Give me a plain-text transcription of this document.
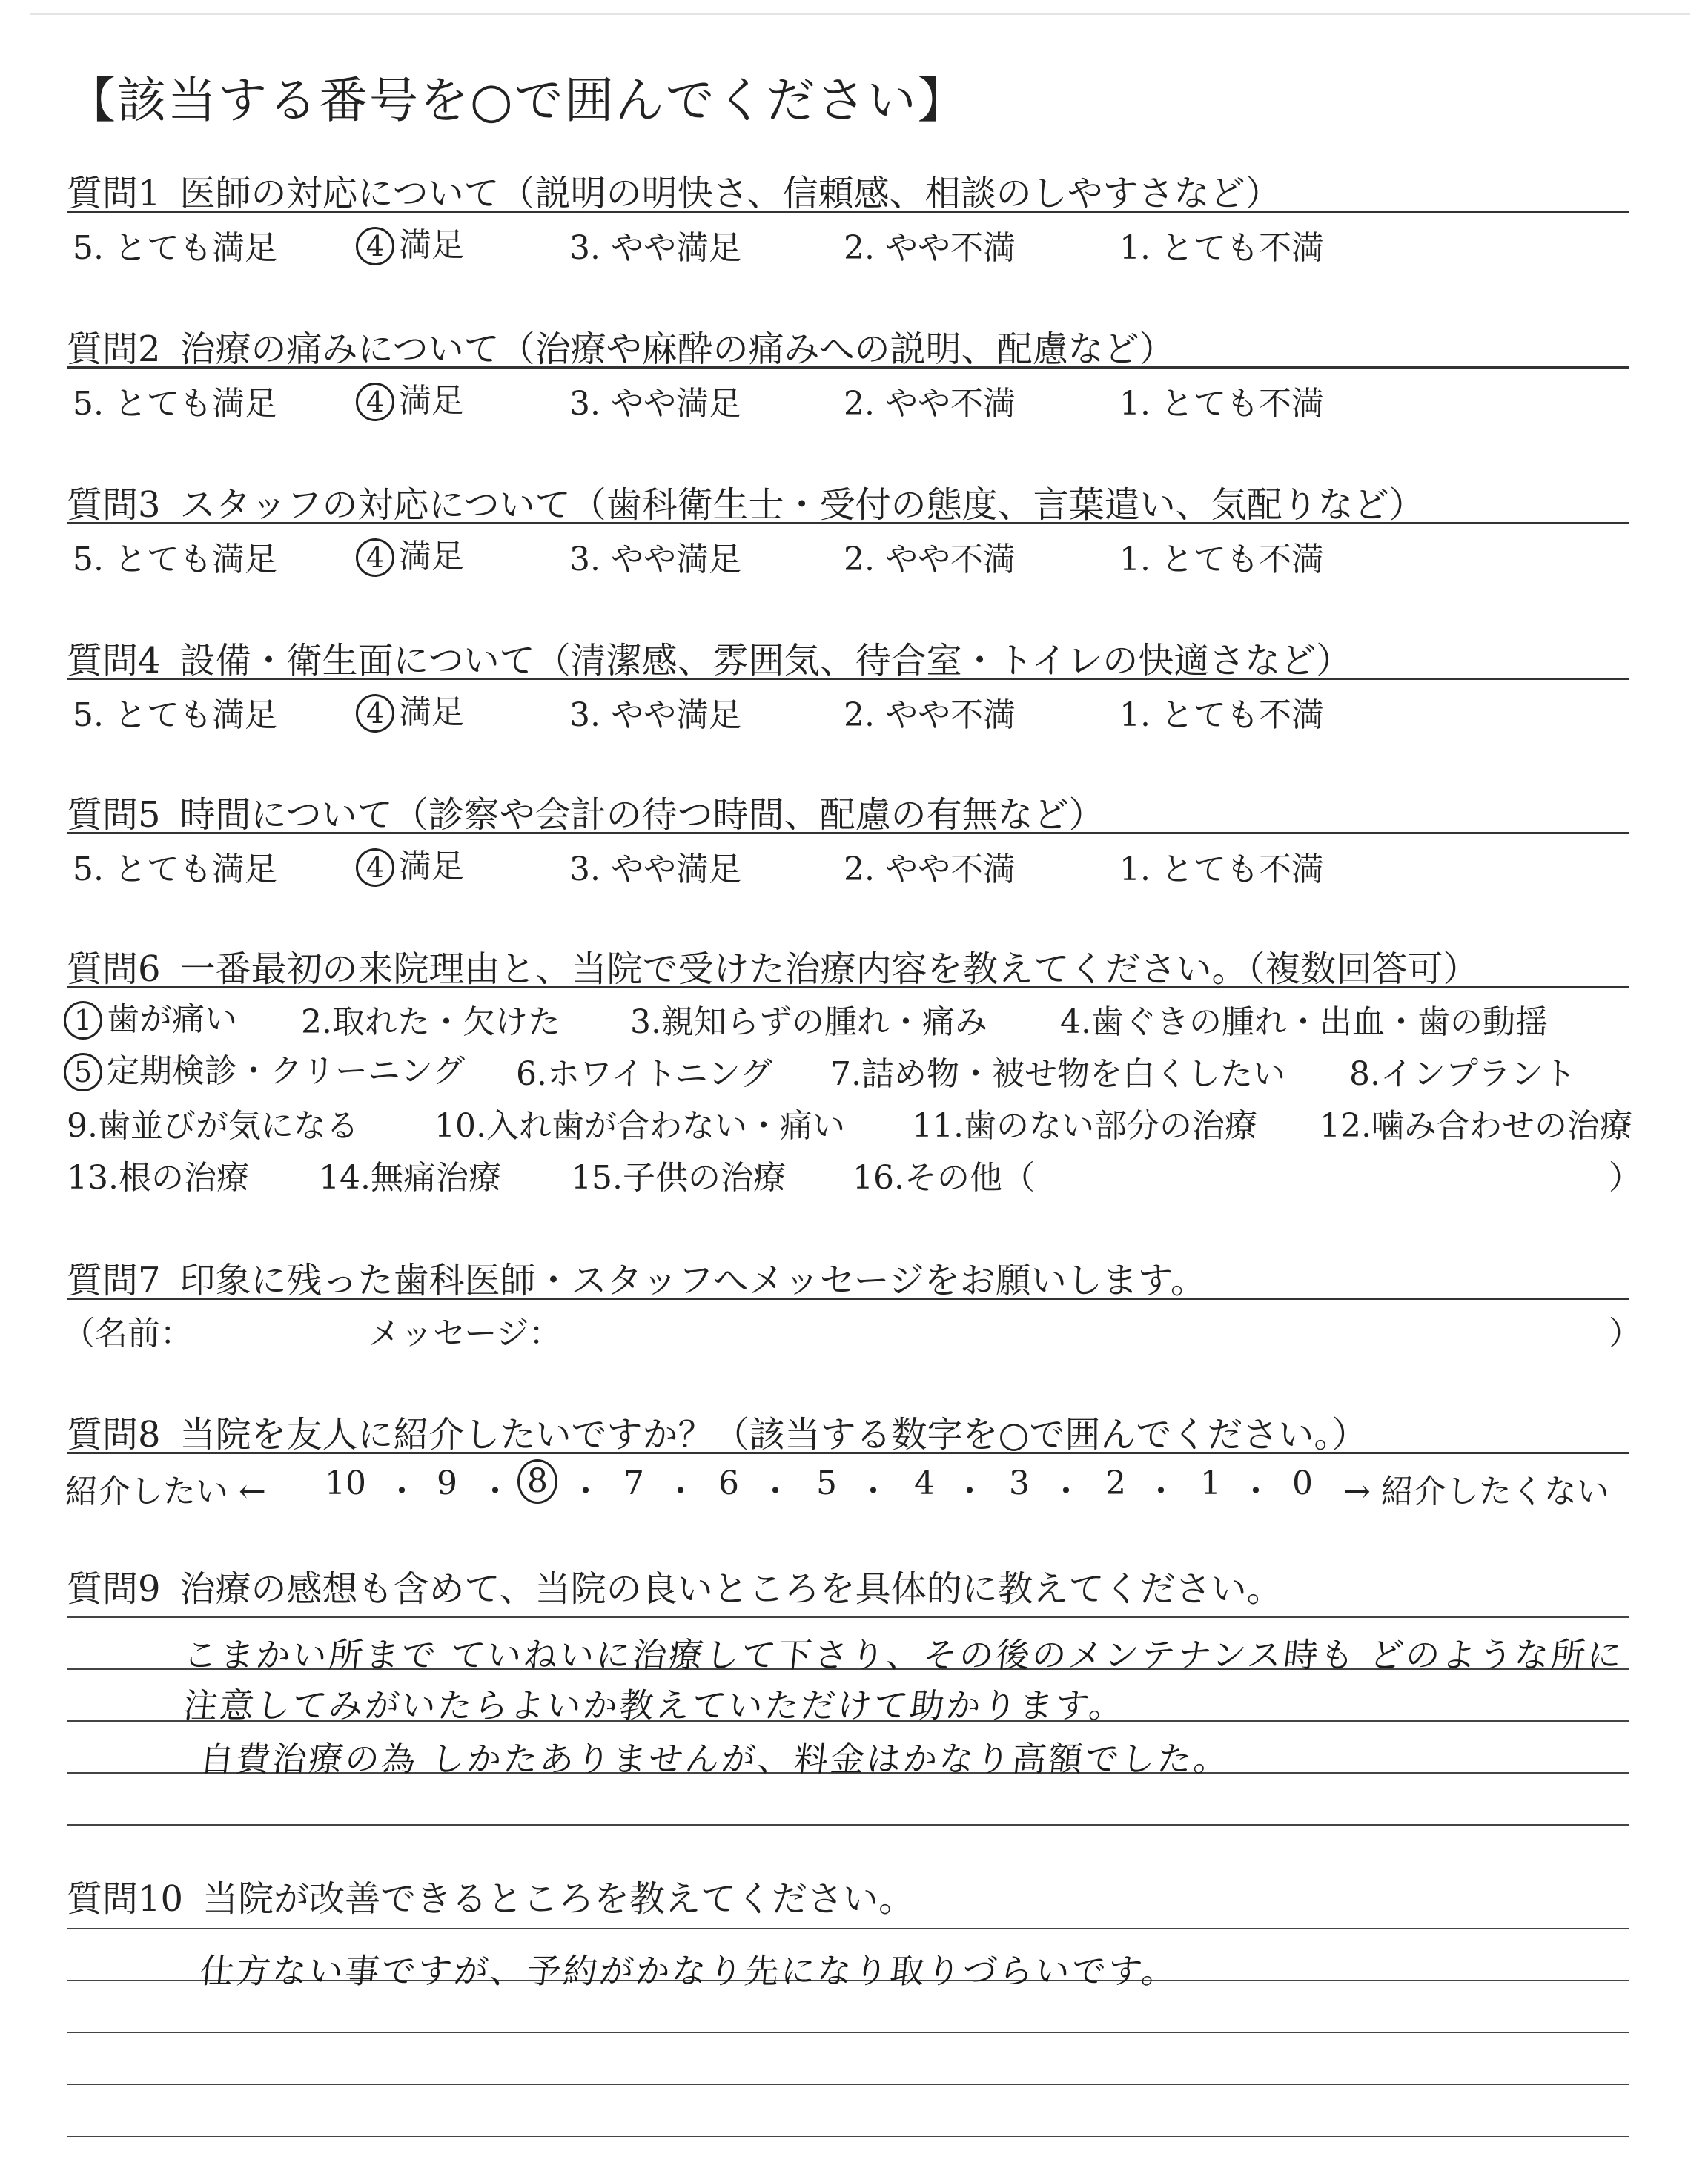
【該当する番号を○で囲んでください】
質問1 医師の対応について（説明の明快さ、信頼感、相談のしやすさなど）
5. とても満足	4 満足	3. やや満足	2. やや不満	1. とても不満
質問2 治療の痛みについて（治療や麻酔の痛みへの説明、配慮など）
5. とても満足	4 満足	3. やや満足	2. やや不満	1. とても不満
質問3 スタッフの対応について（歯科衛生士・受付の態度、言葉遣い、気配りなど）
5. とても満足	4 満足	3. やや満足	2. やや不満	1. とても不満
質問4 設備・衛生面について（清潔感、雰囲気、待合室・トイレの快適さなど）
5. とても満足	4 満足	3. やや満足	2. やや不満	1. とても不満
質問5 時間について（診察や会計の待つ時間、配慮の有無など）
5. とても満足	4 満足	3. やや満足	2. やや不満	1. とても不満
質問6 一番最初の来院理由と、当院で受けた治療内容を教えてください。（複数回答可）
1 歯が痛い 2.取れた・欠けた 3.親知らずの腫れ・痛み 4.歯ぐきの腫れ・出血・歯の動揺
5 定期検診・クリーニング 6.ホワイトニング 7.詰め物・被せ物を白くしたい 8.インプラント
9.歯並びが気になる 10.入れ歯が合わない・痛い 11.歯のない部分の治療 12.噛み合わせの治療
13.根の治療 14.無痛治療 15.子供の治療 16.その他（	）
質問7 印象に残った歯科医師・スタッフへメッセージをお願いします。
（名前：	メッセージ：	）
質問8 当院を友人に紹介したいですか？（該当する数字を○で囲んでください。）
紹介したい ←	→ 紹介したくない
10 9 8 7 6 5 4 3 2 1 0
・ ・ ・ ・ ・ ・ ・ ・ ・ ・
質問9 治療の感想も含めて、当院の良いところを具体的に教えてください。
こまかい所まで ていねいに治療して下さり、その後のメンテナンス時も どのような所に
注意してみがいたらよいか教えていただけて助かります。
自費治療の為 しかたありませんが、料金はかなり高額でした。
質問10 当院が改善できるところを教えてください。
仕方ない事ですが、予約がかなり先になり取りづらいです。
